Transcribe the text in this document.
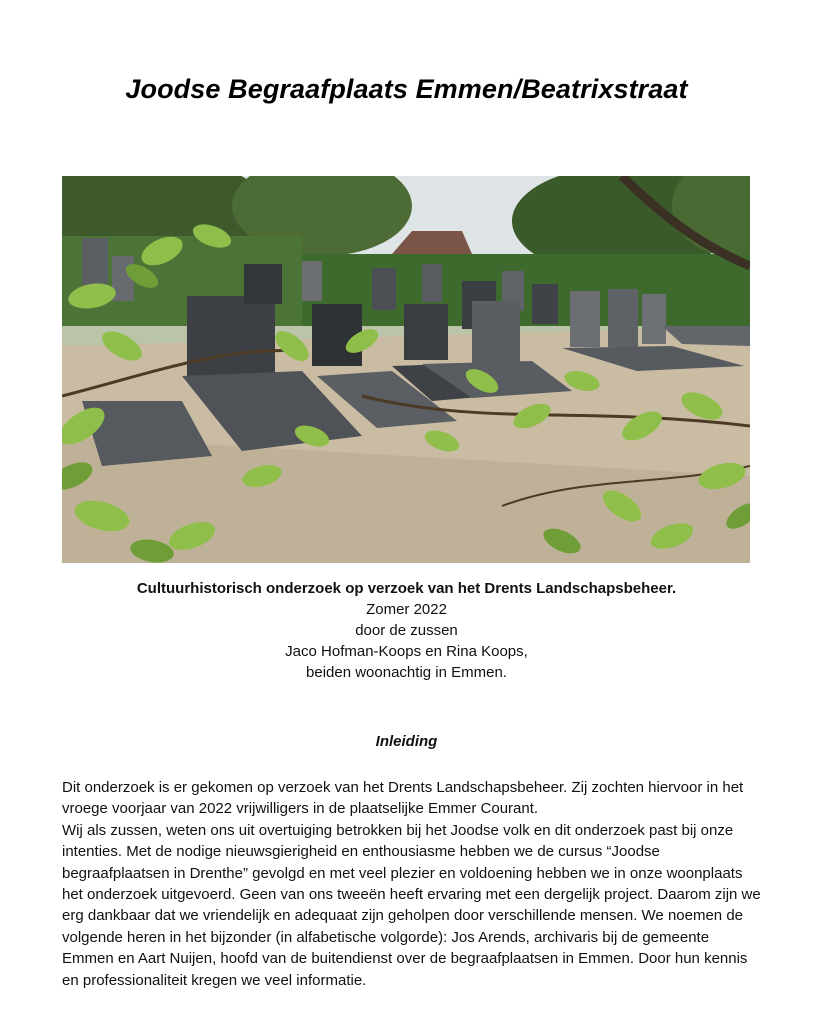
Joodse Begraafplaats Emmen/Beatrixstraat
Cultuurhistorisch onderzoek op verzoek van het Drents Landschapsbeheer.
Zomer 2022
door de zussen
Jaco Hofman-Koops en Rina Koops,
beiden woonachtig in Emmen.
Inleiding

Dit onderzoek is er gekomen op verzoek van het Drents Landschapsbeheer. Zij zochten hiervoor in het vroege voorjaar van 2022 vrijwilligers in de plaatselijke Emmer Courant.

Wij als zussen, weten ons uit overtuiging betrokken bij het Joodse volk en dit onderzoek past bij onze intenties. Met de nodige nieuwsgierigheid en enthousiasme hebben we de cursus “Joodse begraafplaatsen in Drenthe” gevolgd en met veel plezier en voldoening hebben we in onze woonplaats het onderzoek uitgevoerd. Geen van ons tweeën heeft ervaring met een dergelijk project. Daarom zijn we erg dankbaar dat we vriendelijk en adequaat zijn geholpen door verschillende mensen. We noemen de volgende heren in het bijzonder (in alfabetische volgorde): Jos Arends, archivaris bij de gemeente Emmen en Aart Nuijen, hoofd van de buitendienst over de begraafplaatsen in Emmen. Door hun kennis en professionaliteit kregen we veel informatie.
